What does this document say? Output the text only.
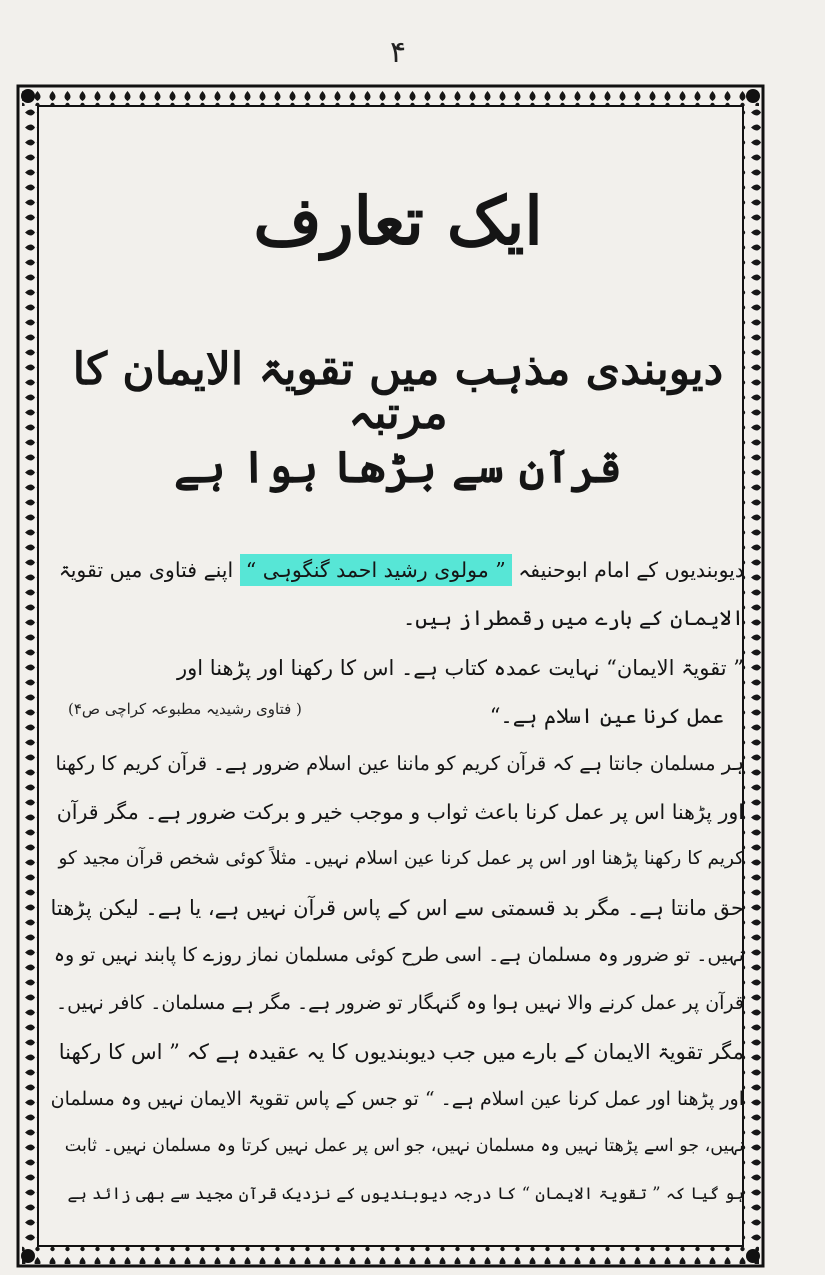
۴
ایک تعارف
دیوبندی مذہب میں تقویۃ الایمان کا مرتبہ
قرآن سے بڑھا ہوا ہے
دیوبندیوں کے امام ابوحنیفہ ” مولوی رشید احمد گنگوہی “ اپنے فتاوی میں تقویۃ
الایمان کے بارے میں رقمطراز ہیں۔
” تقویۃ الایمان“ نہایت عمدہ کتاب ہے۔ اس کا رکھنا اور پڑھنا اور
عمل کرنا عین اسلام ہے۔“
( فتاوی رشیدیہ مطبوعہ کراچی ص۴)
ہر مسلمان جانتا ہے کہ قرآن کریم کو ماننا عین اسلام ضرور ہے۔ قرآن کریم کا رکھنا
اور پڑھنا اس پر عمل کرنا باعث ثواب و موجب خیر و برکت ضرور ہے۔ مگر قرآن
کریم کا رکھنا پڑھنا اور اس پر عمل کرنا عین اسلام نہیں۔ مثلاً کوئی شخص قرآن مجید کو
حق مانتا ہے۔ مگر بد قسمتی سے اس کے پاس قرآن نہیں ہے، یا ہے۔ لیکن پڑھتا
نہیں۔ تو ضرور وہ مسلمان ہے۔ اسی طرح کوئی مسلمان نماز روزے کا پابند نہیں تو وہ
قرآن پر عمل کرنے والا نہیں ہوا وہ گنہگار تو ضرور ہے۔ مگر ہے مسلمان۔ کافر نہیں۔
مگر تقویۃ الایمان کے بارے میں جب دیوبندیوں کا یہ عقیدہ ہے کہ ” اس کا رکھنا
اور پڑھنا اور عمل کرنا عین اسلام ہے۔ “ تو جس کے پاس تقویۃ الایمان نہیں وہ مسلمان
نہیں، جو اسے پڑھتا نہیں وہ مسلمان نہیں، جو اس پر عمل نہیں کرتا وہ مسلمان نہیں۔ ثابت
ہو گیا کہ ” تقویۃ الایمان “ کا درجہ دیوبندیوں کے نزدیک قرآن مجید سے بھی زائد ہے
